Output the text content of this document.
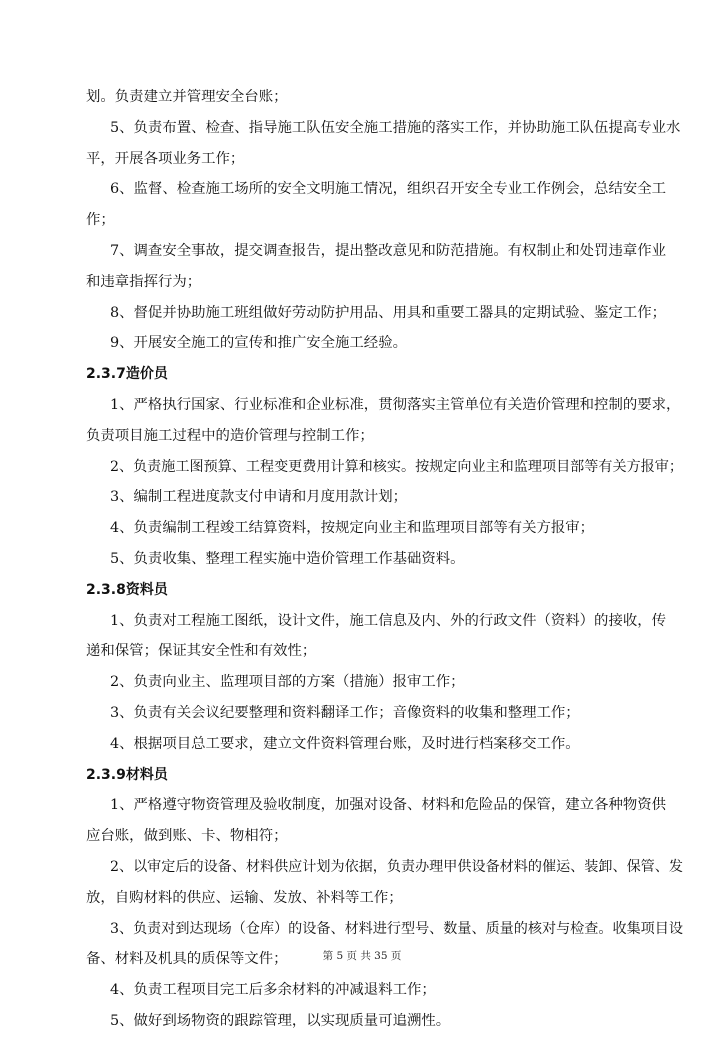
划。负责建立并管理安全台账；
5、负责布置、检查、指导施工队伍安全施工措施的落实工作，并协助施工队伍提高专业水
平，开展各项业务工作；
6、监督、检查施工场所的安全文明施工情况，组织召开安全专业工作例会，总结安全工
作；
7、调查安全事故，提交调查报告，提出整改意见和防范措施。有权制止和处罚违章作业
和违章指挥行为；
8、督促并协助施工班组做好劳动防护用品、用具和重要工器具的定期试验、鉴定工作；
9、开展安全施工的宣传和推广安全施工经验。
2.3.7造价员
1、严格执行国家、行业标准和企业标准，贯彻落实主管单位有关造价管理和控制的要求，
负责项目施工过程中的造价管理与控制工作；
2、负责施工图预算、工程变更费用计算和核实。按规定向业主和监理项目部等有关方报审；
3、编制工程进度款支付申请和月度用款计划；
4、负责编制工程竣工结算资料，按规定向业主和监理项目部等有关方报审；
5、负责收集、整理工程实施中造价管理工作基础资料。
2.3.8资料员
1、负责对工程施工图纸，设计文件，施工信息及内、外的行政文件（资料）的接收，传
递和保管；保证其安全性和有效性；
2、负责向业主、监理项目部的方案（措施）报审工作；
3、负责有关会议纪要整理和资料翻译工作；音像资料的收集和整理工作；
4、根据项目总工要求，建立文件资料管理台账，及时进行档案移交工作。
2.3.9材料员
1、严格遵守物资管理及验收制度，加强对设备、材料和危险品的保管，建立各种物资供
应台账，做到账、卡、物相符；
2、以审定后的设备、材料供应计划为依据，负责办理甲供设备材料的催运、装卸、保管、发
放，自购材料的供应、运输、发放、补料等工作；
3、负责对到达现场（仓库）的设备、材料进行型号、数量、质量的核对与检查。收集项目设
备、材料及机具的质保等文件；
4、负责工程项目完工后多余材料的冲减退料工作；
5、做好到场物资的跟踪管理，以实现质量可追溯性。
第 5 页 共 35 页
